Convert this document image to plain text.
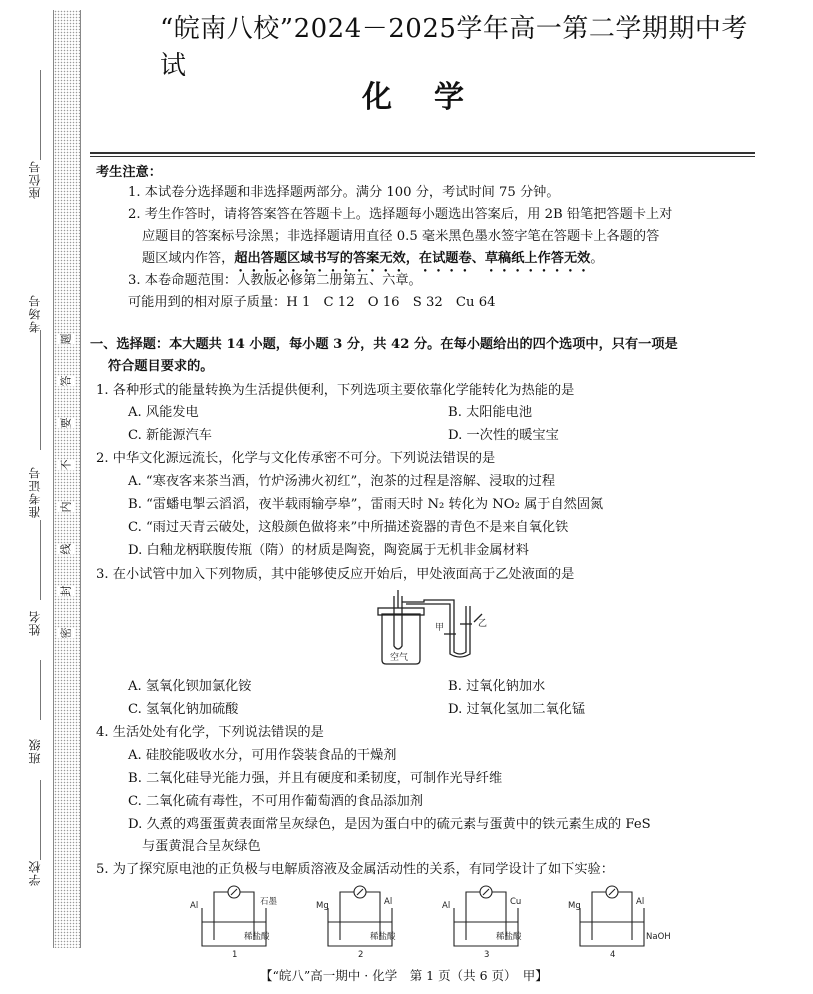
座位号
考场号
准考证号
姓名
班级
学校
题
答
要
不
内
线
封
密
“皖南八校”2024－2025学年高一第二学期期中考试
化学
考生注意：
1. 本试卷分选择题和非选择题两部分。满分 100 分，考试时间 75 分钟。
2. 考生作答时，请将答案答在答题卡上。选择题每小题选出答案后，用 2B 铅笔把答题卡上对
应题目的答案标号涂黑；非选择题请用直径 0.5 毫米黑色墨水签字笔在答题卡上各题的答
题区域内作答，超出答题区域书写的答案无效，在试题卷、草稿纸上作答无效。
3. 本卷命题范围：人教版必修第二册第五、六章。
可能用到的相对原子质量：H 1　C 12　O 16　S 32　Cu 64
一、选择题：本大题共 14 小题，每小题 3 分，共 42 分。在每小题给出的四个选项中，只有一项是
符合题目要求的。
1. 各种形式的能量转换为生活提供便利，下列选项主要依靠化学能转化为热能的是
A. 风能发电	B. 太阳能电池
C. 新能源汽车	D. 一次性的暖宝宝
2. 中华文化源远流长，化学与文化传承密不可分。下列说法错误的是
A. “寒夜客来茶当酒，竹炉汤沸火初红”，泡茶的过程是溶解、浸取的过程
B. “雷蟠电掣云滔滔，夜半载雨输亭皋”，雷雨天时 N₂ 转化为 NO₂ 属于自然固氮
C. “雨过天青云破处，这般颜色做将来”中所描述瓷器的青色不是来自氧化铁
D. 白釉龙柄联腹传瓶（隋）的材质是陶瓷，陶瓷属于无机非金属材料
3. 在小试管中加入下列物质，其中能够使反应开始后，甲处液面高于乙处液面的是
甲	乙
空气
A. 氢氧化钡加氯化铵	B. 过氧化钠加水
C. 氢氧化钠加硫酸	D. 过氧化氢加二氧化锰
4. 生活处处有化学，下列说法错误的是
A. 硅胶能吸收水分，可用作袋装食品的干燥剂
B. 二氧化硅导光能力强，并且有硬度和柔韧度，可制作光导纤维
C. 二氧化硫有毒性，不可用作葡萄酒的食品添加剂
D. 久煮的鸡蛋蛋黄表面常呈灰绿色，是因为蛋白中的硫元素与蛋黄中的铁元素生成的 FeS
与蛋黄混合呈灰绿色
5. 为了探究原电池的正负极与电解质溶液及金属活动性的关系，有同学设计了如下实验：
Al	石墨
稀盐酸
1
Mg	Al
稀盐酸
2
Al	Cu
稀盐酸
3
Mg	Al
NaOH
4
【“皖八”高一期中 · 化学　第 1 页（共 6 页）　甲】
